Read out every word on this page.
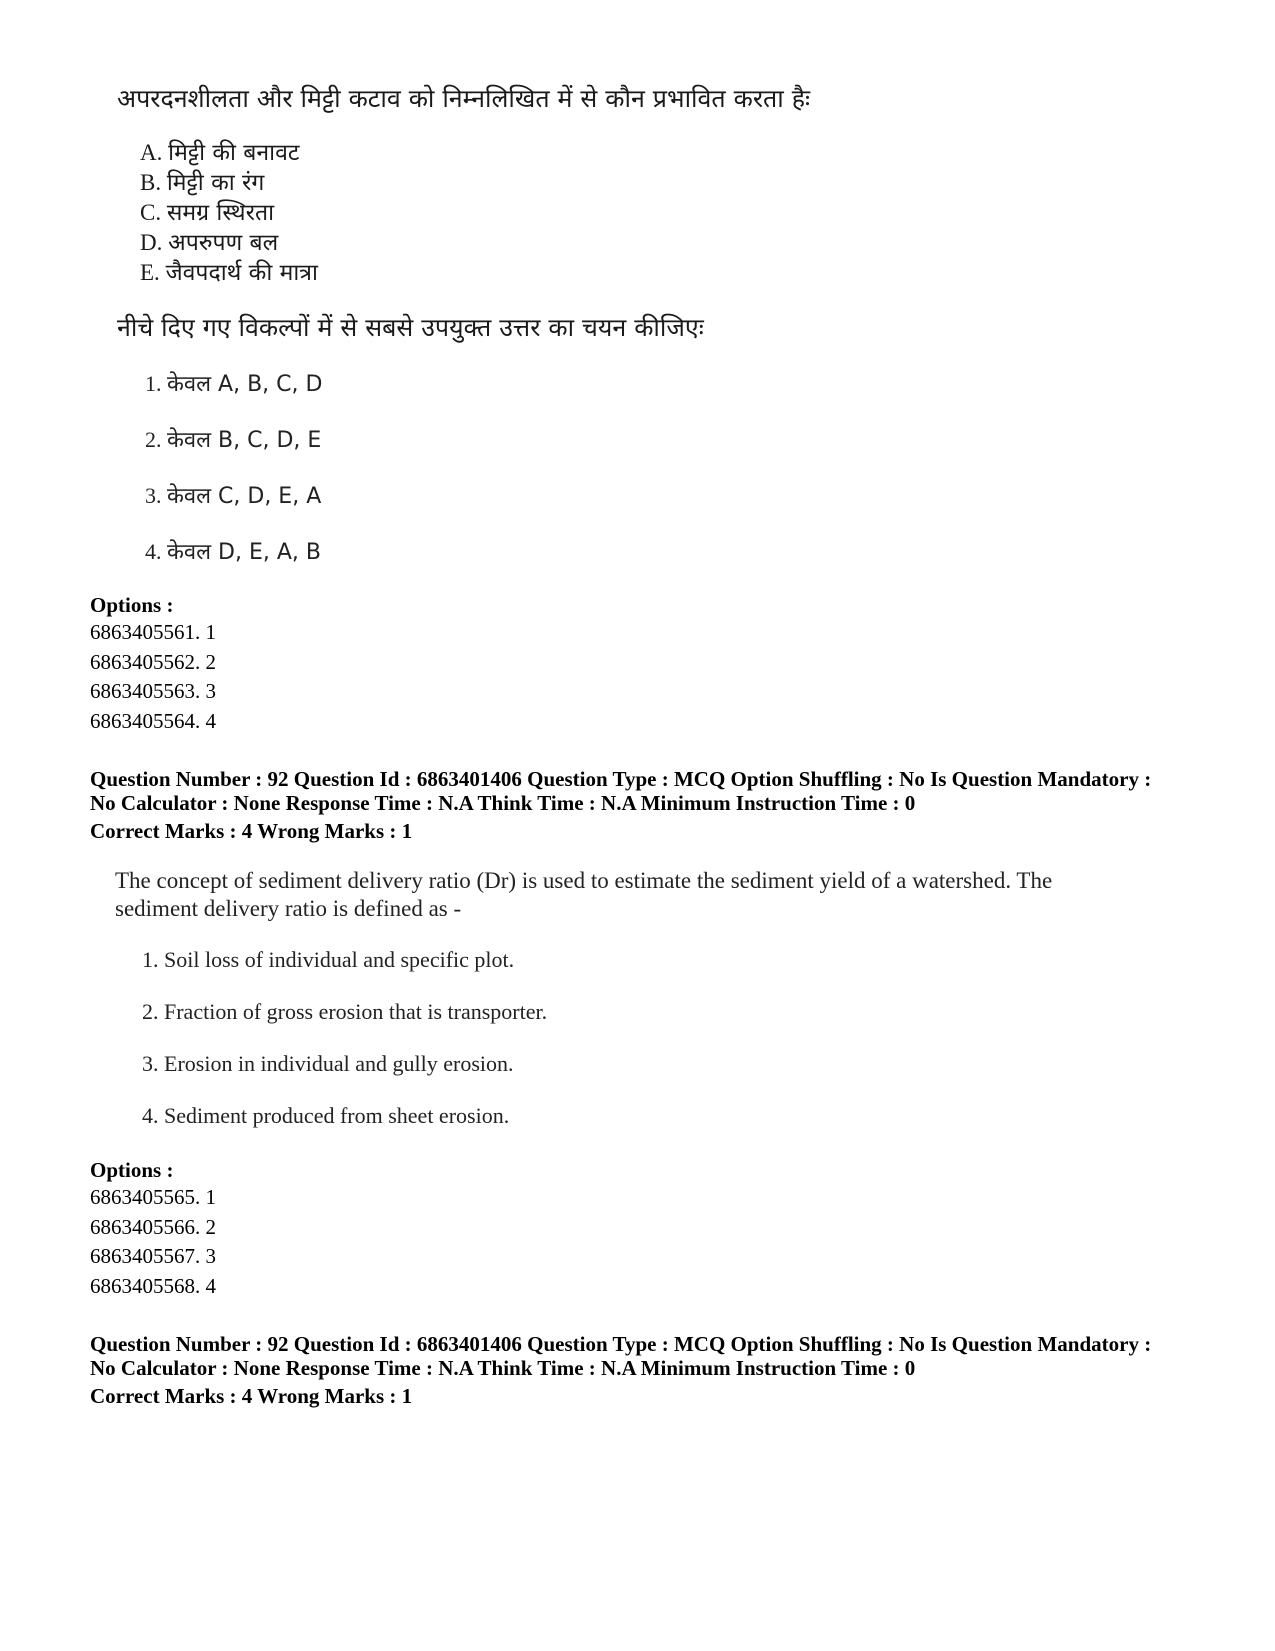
अपरदनशीलता और मिट्टी कटाव को निम्नलिखित में से कौन प्रभावित करता हैः
A. मिट्टी की बनावट
B. मिट्टी का रंग
C. समग्र स्थिरता
D. अपरुपण बल
E. जैवपदार्थ की मात्रा
नीचे दिए गए विकल्पों में से सबसे उपयुक्त उत्तर का चयन कीजिएः
1. केवल A, B, C, D
2. केवल B, C, D, E
3. केवल C, D, E, A
4. केवल D, E, A, B
Options :
6863405561. 1
6863405562. 2
6863405563. 3
6863405564. 4
Question Number : 92 Question Id : 6863401406 Question Type : MCQ Option Shuffling : No Is Question Mandatory :
No Calculator : None Response Time : N.A Think Time : N.A Minimum Instruction Time : 0
Correct Marks : 4 Wrong Marks : 1
The concept of sediment delivery ratio (Dr) is used to estimate the sediment yield of a watershed. The
sediment delivery ratio is defined as -
1. Soil loss of individual and specific plot.
2. Fraction of gross erosion that is transporter.
3. Erosion in individual and gully erosion.
4. Sediment produced from sheet erosion.
Options :
6863405565. 1
6863405566. 2
6863405567. 3
6863405568. 4
Question Number : 92 Question Id : 6863401406 Question Type : MCQ Option Shuffling : No Is Question Mandatory :
No Calculator : None Response Time : N.A Think Time : N.A Minimum Instruction Time : 0
Correct Marks : 4 Wrong Marks : 1
